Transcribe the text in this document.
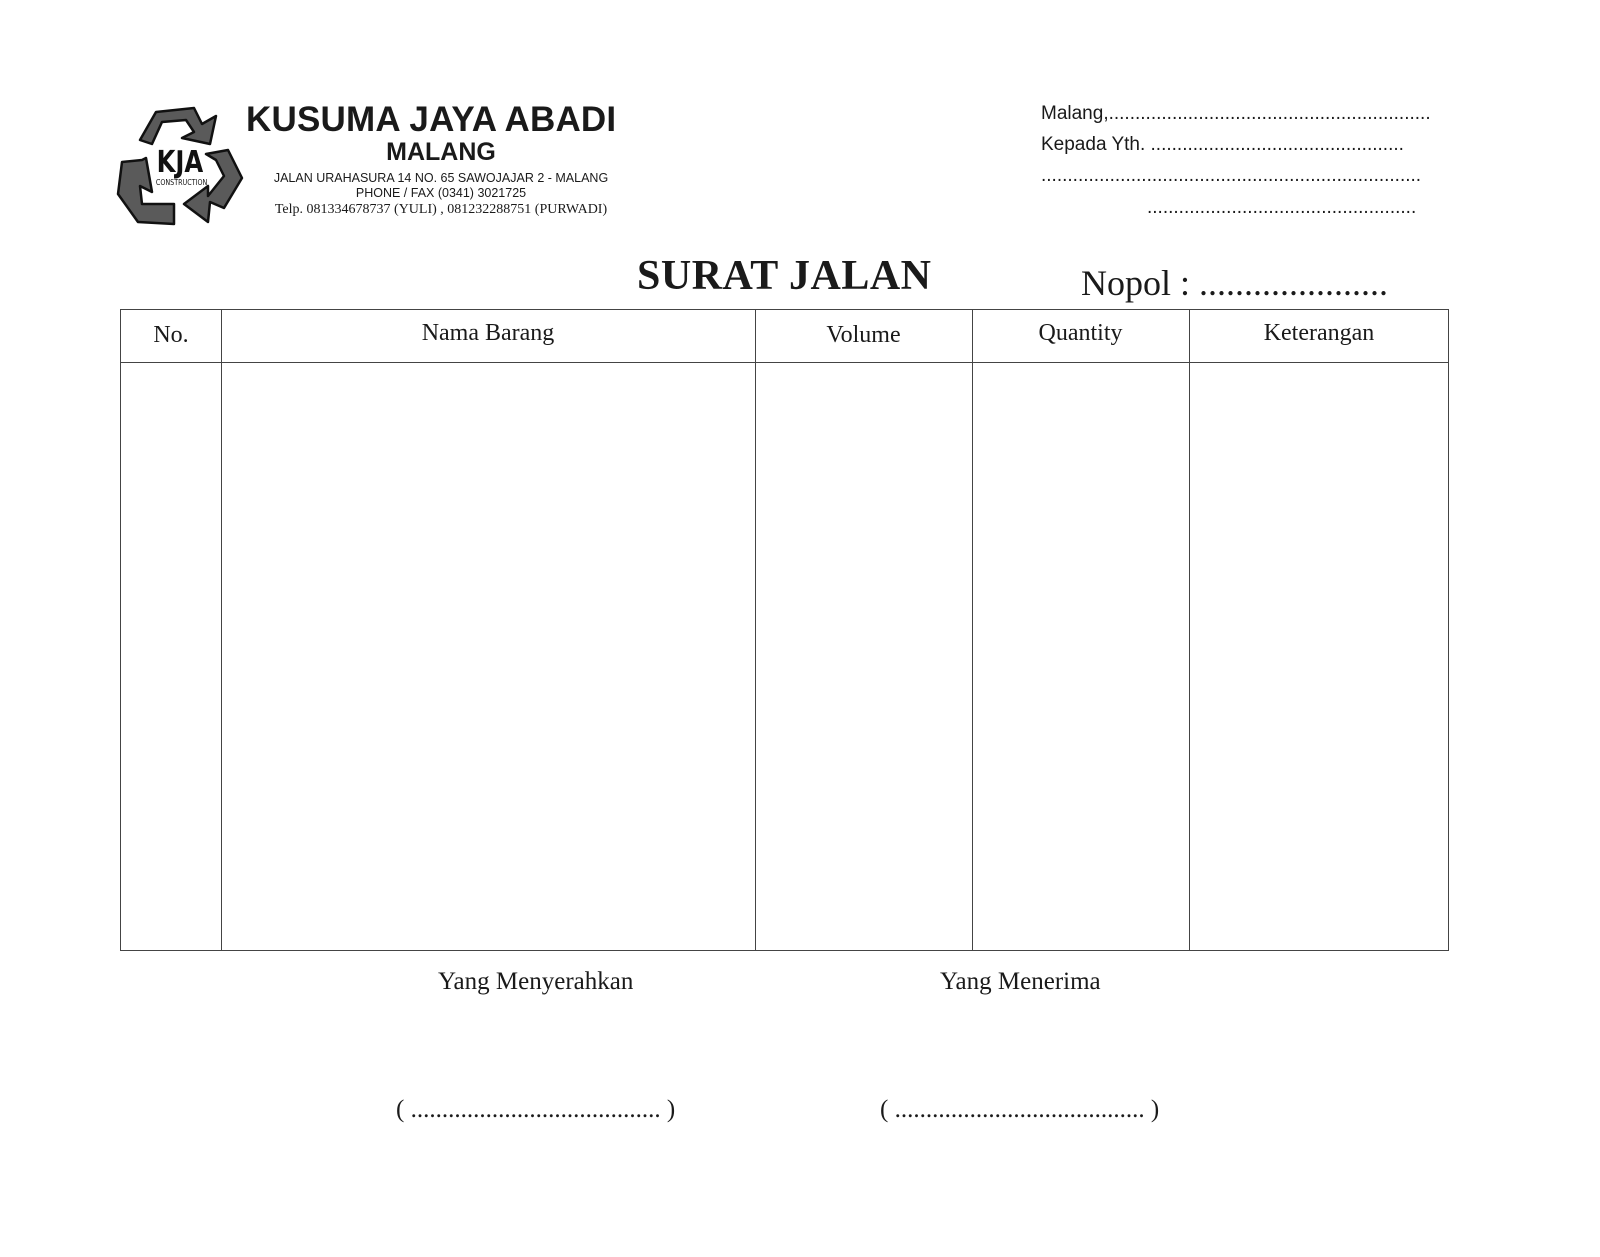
KJA
CONSTRUCTION
KUSUMA JAYA ABADI
MALANG
JALAN URAHASURA 14 NO. 65 SAWOJAJAR 2 - MALANG
PHONE / FAX (0341) 3021725
Telp. 081334678737 (YULI) , 081232288751 (PURWADI)
Malang,.............................................................
Kepada Yth. ................................................
........................................................................
...................................................
SURAT JALAN	Nopol : .....................
No.	Nama Barang	Volume	Quantity	Keterangan
Yang Menyerahkan	Yang Menerima
( ........................................ )	( ........................................ )
